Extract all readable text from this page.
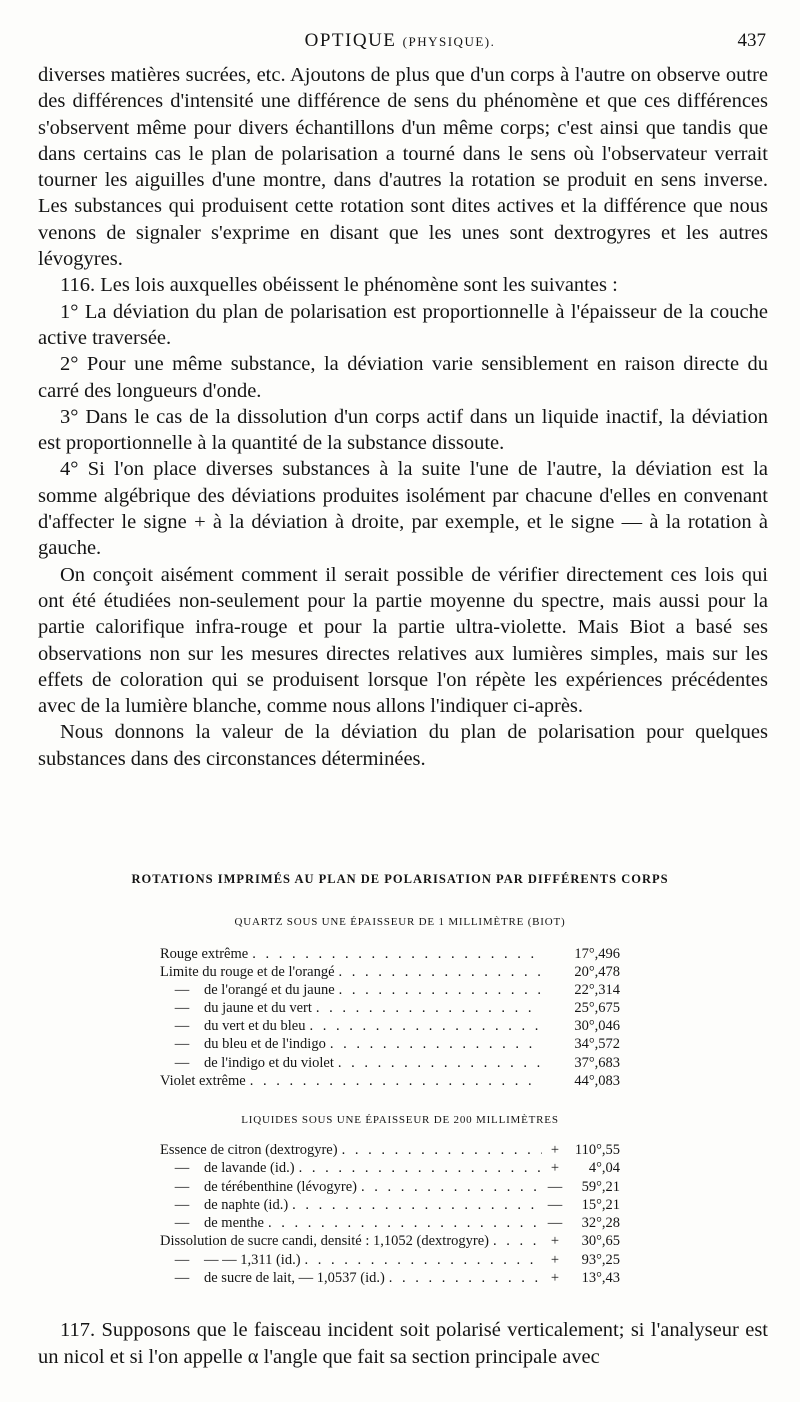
OPTIQUE (PHYSIQUE).	437

diverses matières sucrées, etc. Ajoutons de plus que d'un corps à l'autre on observe outre des différences d'intensité une différence de sens du phénomène et que ces différences s'observent même pour divers échantillons d'un même corps; c'est ainsi que tandis que dans certains cas le plan de polarisation a tourné dans le sens où l'observateur verrait tourner les aiguilles d'une montre, dans d'autres la rotation se produit en sens inverse. Les substances qui produisent cette rotation sont dites actives et la différence que nous venons de signaler s'exprime en disant que les unes sont dextrogyres et les autres lévogyres.

116. Les lois auxquelles obéissent le phénomène sont les suivantes :

1° La déviation du plan de polarisation est proportionnelle à l'épaisseur de la couche active traversée.

2° Pour une même substance, la déviation varie sensiblement en raison directe du carré des longueurs d'onde.

3° Dans le cas de la dissolution d'un corps actif dans un liquide inactif, la déviation est proportionnelle à la quantité de la substance dissoute.

4° Si l'on place diverses substances à la suite l'une de l'autre, la déviation est la somme algébrique des déviations produites isolément par chacune d'elles en convenant d'affecter le signe + à la déviation à droite, par exemple, et le signe — à la rotation à gauche.

On conçoit aisément comment il serait possible de vérifier directement ces lois qui ont été étudiées non-seulement pour la partie moyenne du spectre, mais aussi pour la partie calorifique infra-rouge et pour la partie ultra-violette. Mais Biot a basé ses observations non sur les mesures directes relatives aux lumières simples, mais sur les effets de coloration qui se produisent lorsque l'on répète les expériences précédentes avec de la lumière blanche, comme nous allons l'indiquer ci-après.

Nous donnons la valeur de la déviation du plan de polarisation pour quelques substances dans des circonstances déterminées.

ROTATIONS IMPRIMÉS AU PLAN DE POLARISATION PAR DIFFÉRENTS CORPS
QUARTZ SOUS UNE ÉPAISSEUR DE 1 MILLIMÈTRE (BIOT)
Rouge extrême . . .	17°,496
Limite du rouge et de l'orangé . . .	20°,478
—	de l'orangé et du jaune . . .	22°,314
—	du jaune et du vert . . .	25°,675
—	du vert et du bleu . . .	30°,046
—	du bleu et de l'indigo . . .	34°,572
—	de l'indigo et du violet . . .	37°,683
Violet extrême . . .	44°,083
LIQUIDES SOUS UNE ÉPAISSEUR DE 200 MILLIMÈTRES
Essence de citron (dextrogyre) . . .	+	110°,55
—	de lavande (id.) . . .	+	4°,04
—	de térébenthine (lévogyre) . . .	—	59°,21
—	de naphte (id.) . . .	—	15°,21
—	de menthe . . .	—	32°,28
Dissolution de sucre candi, densité : 1,1052 (dextrogyre) . . .	+	30°,65
—	— — 1,311 (id.) . . .	+	93°,25
—	de sucre de lait, — 1,0537 (id.) . . .	+	13°,43

117. Supposons que le faisceau incident soit polarisé verticalement; si l'analyseur est un nicol et si l'on appelle α l'angle que fait sa section principale avec
